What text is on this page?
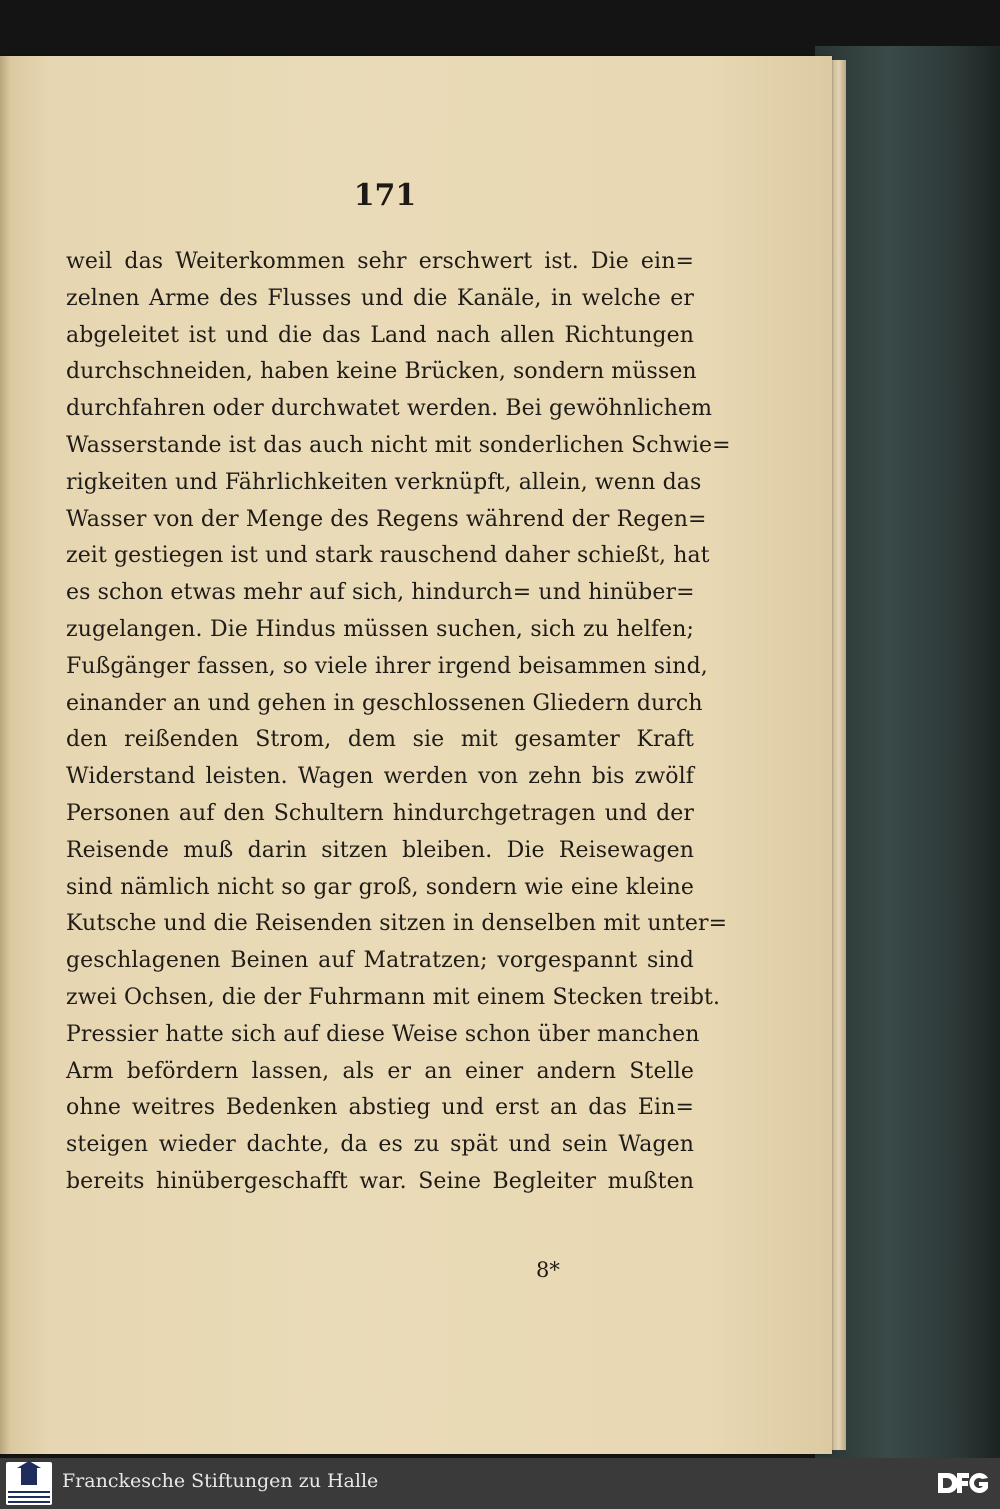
171
weil das Weiterkommen sehr erschwert ist. Die ein=
zelnen Arme des Flusses und die Kanäle, in welche er
abgeleitet ist und die das Land nach allen Richtungen
durchschneiden, haben keine Brücken, sondern müssen
durchfahren oder durchwatet werden. Bei gewöhnlichem
Wasserstande ist das auch nicht mit sonderlichen Schwie=
rigkeiten und Fährlichkeiten verknüpft, allein, wenn das
Wasser von der Menge des Regens während der Regen=
zeit gestiegen ist und stark rauschend daher schießt, hat
es schon etwas mehr auf sich, hindurch= und hinüber=
zugelangen. Die Hindus müssen suchen, sich zu helfen;
Fußgänger fassen, so viele ihrer irgend beisammen sind,
einander an und gehen in geschlossenen Gliedern durch
den reißenden Strom, dem sie mit gesamter Kraft
Widerstand leisten. Wagen werden von zehn bis zwölf
Personen auf den Schultern hindurchgetragen und der
Reisende muß darin sitzen bleiben. Die Reisewagen
sind nämlich nicht so gar groß, sondern wie eine kleine
Kutsche und die Reisenden sitzen in denselben mit unter=
geschlagenen Beinen auf Matratzen; vorgespannt sind
zwei Ochsen, die der Fuhrmann mit einem Stecken treibt.
Pressier hatte sich auf diese Weise schon über manchen
Arm befördern lassen, als er an einer andern Stelle
ohne weitres Bedenken abstieg und erst an das Ein=
steigen wieder dachte, da es zu spät und sein Wagen
bereits hinübergeschafft war. Seine Begleiter mußten
8*
Franckesche Stiftungen zu Halle
